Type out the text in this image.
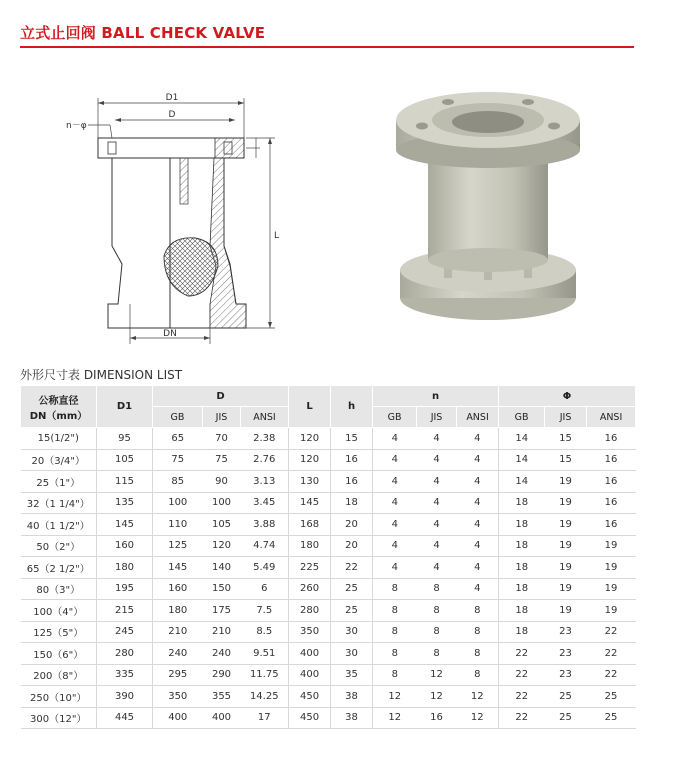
立式止回阀 BALL CHECK VALVE
D1
D
n－φ
DN
L
外形尺寸表 DIMENSION LIST
公称直径
DN（mm）	D1	D			L	h	n			Φ		
		GB	JIS	ANSI			GB	JIS	ANSI	GB	JIS	ANSI
15(1/2")	95	65	70	2.38	120	15	4	4	4	14	15	16
20（3/4"）	105	75	75	2.76	120	16	4	4	4	14	15	16
25（1"）	115	85	90	3.13	130	16	4	4	4	14	19	16
32（1 1/4"）	135	100	100	3.45	145	18	4	4	4	18	19	16
40（1 1/2"）	145	110	105	3.88	168	20	4	4	4	18	19	16
50（2"）	160	125	120	4.74	180	20	4	4	4	18	19	19
65（2 1/2"）	180	145	140	5.49	225	22	4	4	4	18	19	19
80（3"）	195	160	150	6	260	25	8	8	4	18	19	19
100（4"）	215	180	175	7.5	280	25	8	8	8	18	19	19
125（5"）	245	210	210	8.5	350	30	8	8	8	18	23	22
150（6"）	280	240	240	9.51	400	30	8	8	8	22	23	22
200（8"）	335	295	290	11.75	400	35	8	12	8	22	23	22
250（10"）	390	350	355	14.25	450	38	12	12	12	22	25	25
300（12"）	445	400	400	17	450	38	12	16	12	22	25	25
